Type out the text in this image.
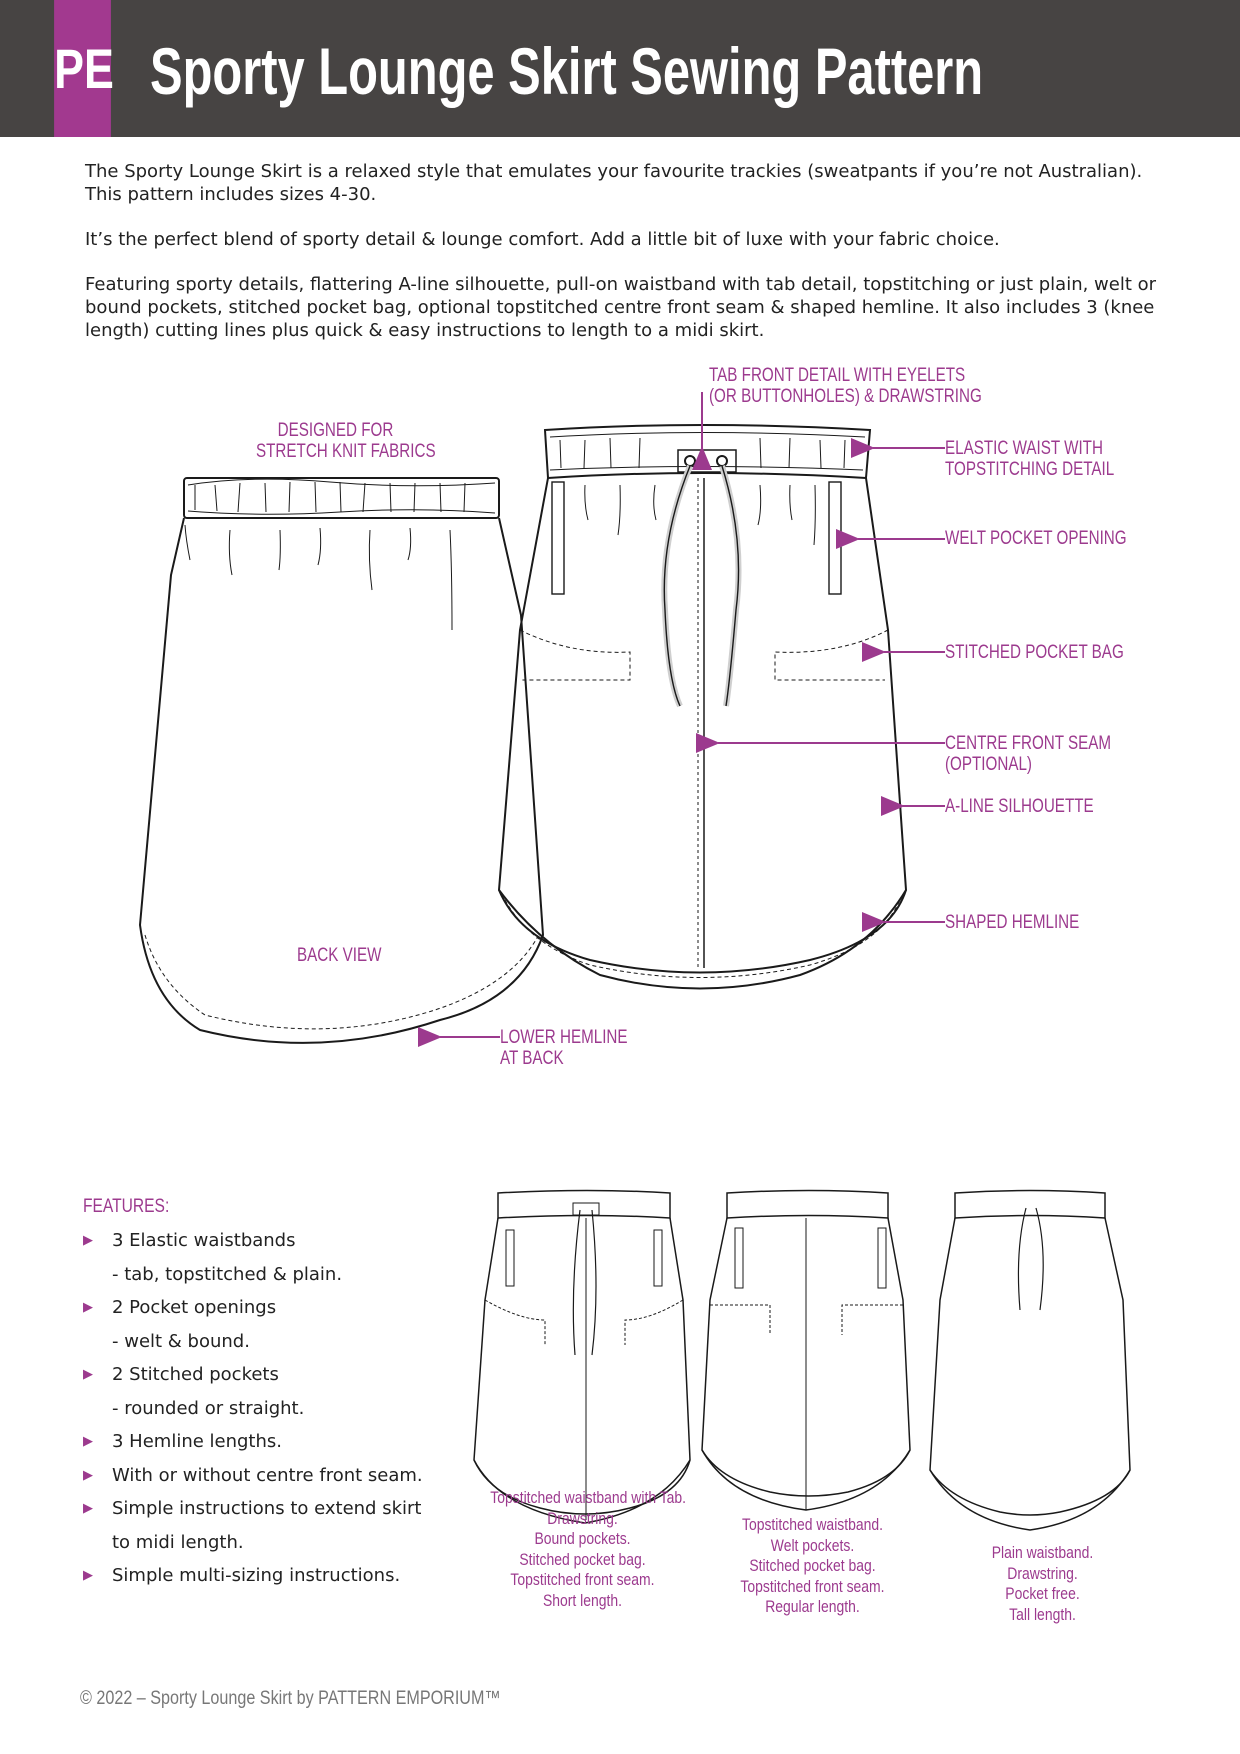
PE Sporty Lounge Skirt Sewing Pattern

The Sporty Lounge Skirt is a relaxed style that emulates your favourite trackies (sweatpants if you’re not Australian). This pattern includes sizes 4-30.

It’s the perfect blend of sporty detail & lounge comfort. Add a little bit of luxe with your fabric choice.

Featuring sporty details, flattering A-line silhouette, pull-on waistband with tab detail, topstitching or just plain, welt or bound pockets, stitched pocket bag, optional topstitched centre front seam & shaped hemline. It also includes 3 (knee length) cutting lines plus quick & easy instructions to length to a midi skirt.

DESIGNED FOR
STRETCH KNIT FABRICS
TAB FRONT DETAIL WITH EYELETS
(OR BUTTONHOLES) & DRAWSTRING
ELASTIC WAIST WITH
TOPSTITCHING DETAIL
WELT POCKET OPENING
STITCHED POCKET BAG
CENTRE FRONT SEAM
(OPTIONAL)
A-LINE SILHOUETTE
SHAPED HEMLINE
BACK VIEW
LOWER HEMLINE
AT BACK
FEATURES:
▶ 3 Elastic waistbands
- tab, topstitched & plain.
▶ 2 Pocket openings
- welt & bound.
▶ 2 Stitched pockets
- rounded or straight.
▶ 3 Hemline lengths.
▶ With or without centre front seam.
▶ Simple instructions to extend skirt
to midi length.
▶ Simple multi-sizing instructions.
Topstitched waistband with Tab.
Drawstring.
Bound pockets.
Stitched pocket bag.
Topstitched front seam.
Short length.
Topstitched waistband.
Welt pockets.
Stitched pocket bag.
Topstitched front seam.
Regular length.
Plain waistband.
Drawstring.
Pocket free.
Tall length.
© 2022 – Sporty Lounge Skirt by PATTERN EMPORIUM™
